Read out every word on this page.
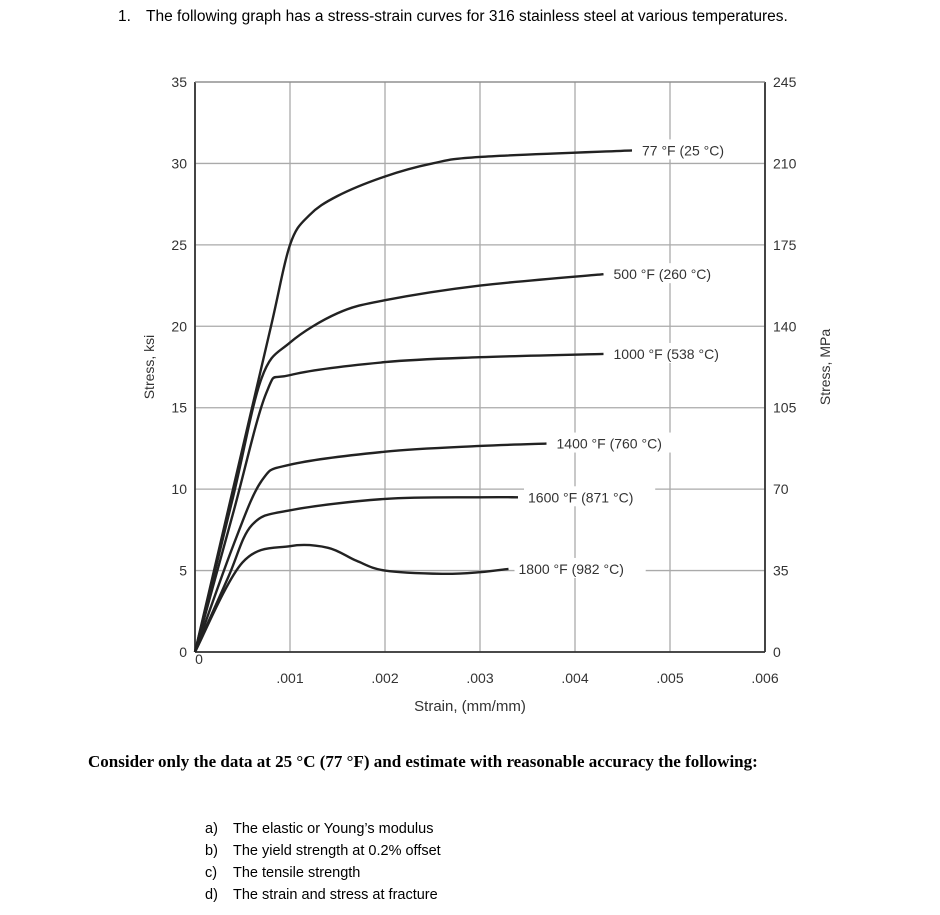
1. The following graph has a stress-strain curves for 316 stainless steel at various temperatures.
77 °F (25 °C)
500 °F (260 °C)
1000 °F (538 °C)
1400 °F (760 °C)
1600 °F (871 °C)
1800 °F (982 °C)
0
.001	.002	.003	.004	.005	.006
0
5
10
15
20
25
30
35
0
35
70
105
140
175
210
245
Strain, (mm/mm)
Stress, ksi	Stress, MPa
Consider only the data at 25 °C (77 °F) and estimate with reasonable accuracy the following:
a) The elastic or Young’s modulus
b) The yield strength at 0.2% offset
c) The tensile strength
d) The strain and stress at fracture
